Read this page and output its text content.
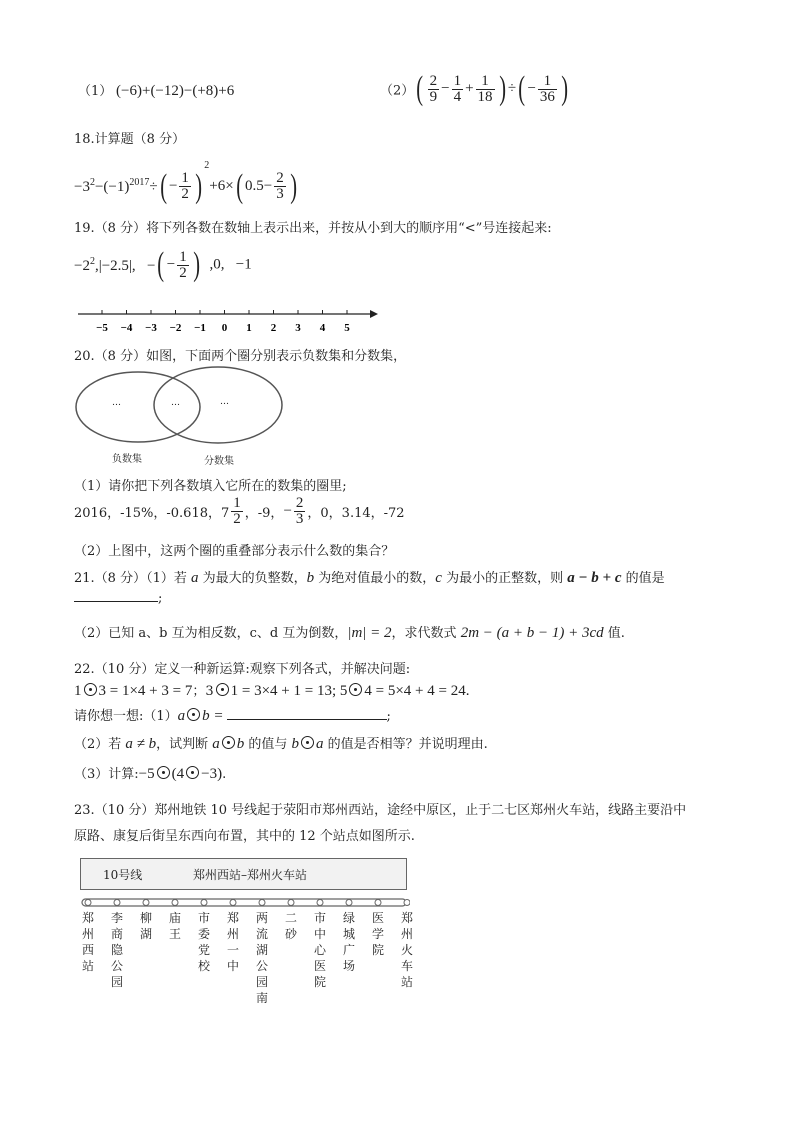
（1） (−6)+(−12)−(+8)+6	$(2)( \frac{2}{9} - \frac{1}{4} + \frac{1}{18}$ ) ÷( − $\frac{1}{36}$ )
18.计算题（8 分）
$-3^2-(-1)^{2017}\div( - \frac{1}{2} )^2+6\times$( $0.5- \frac{2}{3}$ )
19.（8 分）将下列各数在数轴上表示出来，并按从小到大的顺序用“<”号连接起来:
$-2^2,|-2.5|$, −( − $\frac{1}{2}$ ) ,0, −1
−5 −4 −3 −2 −1 0 1 2 3 4 5
20.（8 分）如图，下面两个圈分别表示负数集和分数集，
…	…	…
负数集	分数集
（1）请你把下列各数填入它所在的数集的圈里;
2016，-15%，-0.618，$7 \frac{1}{2}$ ，-9，− $\frac{2}{3}$ ，0，3.14，-72
（2）上图中，这两个圈的重叠部分表示什么数的集合？
21.（8 分）（1）若 a 为最大的负整数，b 为绝对值最小的数，c 为最小的正整数，则 a − b + c 的值是
;
（2）已知 a、b 互为相反数，c、d 互为倒数，|m| = 2，求代数式 2m − (a + b − 1) + 3cd 值.
22.（10 分）定义一种新运算:观察下列各式，并解决问题:
1 3 = 1×4 + 3 = 7；3 1 = 3×4 + 1 = 13; 5 4 = 5×4 + 4 = 24.
请你想一想:（1）a b =	;
（2）若 a ≠ b，试判断 a b 的值与 b a 的值是否相等？并说明理由.
（3）计算:−5 (4 −3).
23.（10 分）郑州地铁 10 号线起于荥阳市郑州西站，途经中原区，止于二七区郑州火车站，线路主要沿中
原路、康复后街呈东西向布置，其中的 12 个站点如图所示.
10号线	郑州西站–郑州火车站
郑州西站
李商隐公园
柳湖
庙王
市委党校
郑州一中
两流湖公园南
二砂
市中心医院
绿城广场
医学院
郑州火车站
